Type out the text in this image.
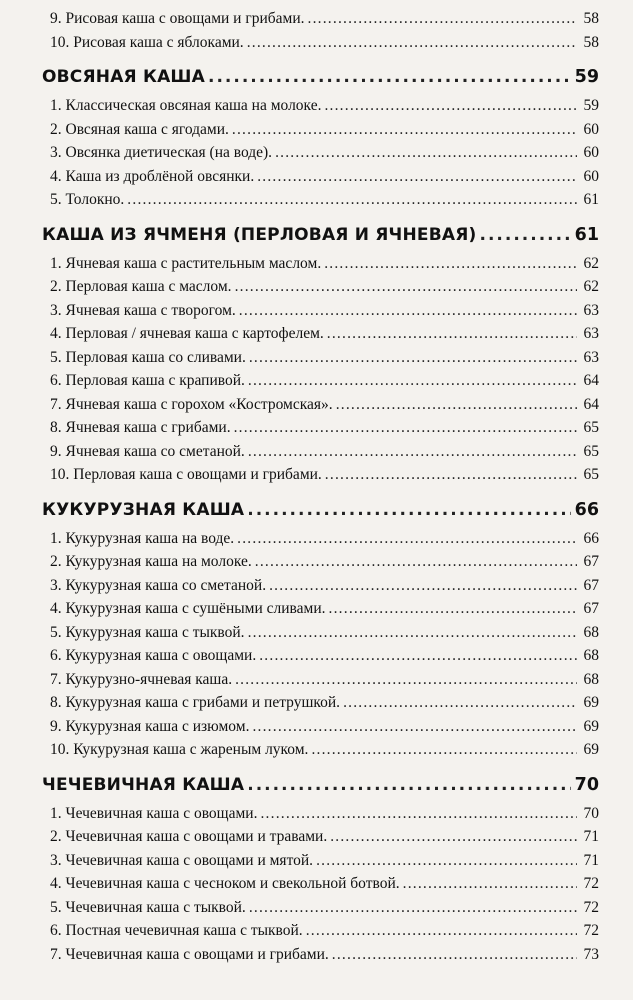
9. Рисовая каша с овощами и грибами. .....	58
10. Рисовая каша с яблоками. .....	58
ОВСЯНАЯ КАША .....	59
1. Классическая овсяная каша на молоке. .....	59
2. Овсяная каша с ягодами. .....	60
3. Овсянка диетическая (на воде). .....	60
4. Каша из дроблёной овсянки. .....	60
5. Толокно. .....	61
КАША ИЗ ЯЧМЕНЯ (ПЕРЛОВАЯ И ЯЧНЕВАЯ) .....	61
1. Ячневая каша с растительным маслом. .....	62
2. Перловая каша с маслом. .....	62
3. Ячневая каша с творогом. .....	63
4. Перловая / ячневая каша с картофелем. .....	63
5. Перловая каша со сливами. .....	63
6. Перловая каша с крапивой. .....	64
7. Ячневая каша с горохом «Костромская». .....	64
8. Ячневая каша с грибами. .....	65
9. Ячневая каша со сметаной. .....	65
10. Перловая каша с овощами и грибами. .....	65
КУКУРУЗНАЯ КАША .....	66
1. Кукурузная каша на воде. .....	66
2. Кукурузная каша на молоке. .....	67
3. Кукурузная каша со сметаной. .....	67
4. Кукурузная каша с сушёными сливами. .....	67
5. Кукурузная каша с тыквой. .....	68
6. Кукурузная каша с овощами. .....	68
7. Кукурузно-ячневая каша. .....	68
8. Кукурузная каша с грибами и петрушкой. .....	69
9. Кукурузная каша с изюмом. .....	69
10. Кукурузная каша с жареным луком. .....	69
ЧЕЧЕВИЧНАЯ КАША .....	70
1. Чечевичная каша с овощами. .....	70
2. Чечевичная каша с овощами и травами. .....	71
3. Чечевичная каша с овощами и мятой. .....	71
4. Чечевичная каша с чесноком и свекольной ботвой. .....	72
5. Чечевичная каша с тыквой. .....	72
6. Постная чечевичная каша с тыквой. .....	72
7. Чечевичная каша с овощами и грибами. .....	73
